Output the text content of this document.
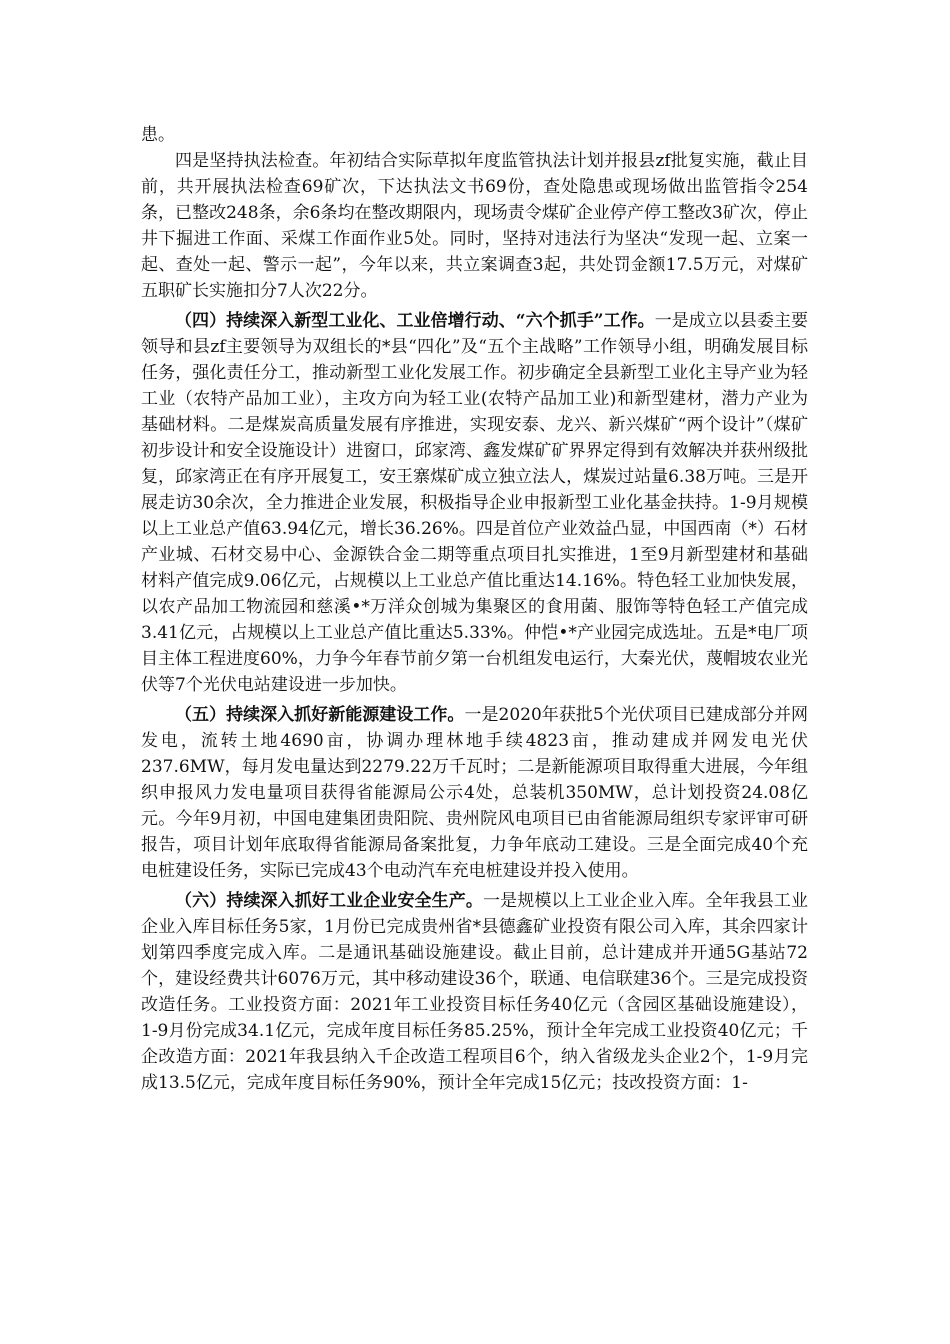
患。

四是坚持执法检查。年初结合实际草拟年度监管执法计划并报县zf批复实施，截止目前，共开展执法检查69矿次，下达执法文书69份，查处隐患或现场做出监管指令254条，已整改248条，余6条均在整改期限内，现场责令煤矿企业停产停工整改3矿次，停止井下掘进工作面、采煤工作面作业5处。同时，坚持对违法行为坚决“发现一起、立案一起、查处一起、警示一起”，今年以来，共立案调查3起，共处罚金额17.5万元，对煤矿五职矿长实施扣分7人次22分。

（四）持续深入新型工业化、工业倍增行动、“六个抓手”工作。一是成立以县委主要领导和县zf主要领导为双组长的*县“四化”及“五个主战略”工作领导小组，明确发展目标任务，强化责任分工，推动新型工业化发展工作。初步确定全县新型工业化主导产业为轻工业（农特产品加工业），主攻方向为轻工业(农特产品加工业)和新型建材，潜力产业为基础材料。二是煤炭高质量发展有序推进，实现安泰、龙兴、新兴煤矿“两个设计”（煤矿初步设计和安全设施设计）进窗口，邱家湾、鑫发煤矿矿界界定得到有效解决并获州级批复，邱家湾正在有序开展复工，安王寨煤矿成立独立法人，煤炭过站量6.38万吨。三是开展走访30余次，全力推进企业发展，积极指导企业申报新型工业化基金扶持。1-9月规模以上工业总产值63.94亿元，增长36.26%。四是首位产业效益凸显，中国西南（*）石材产业城、石材交易中心、金源铁合金二期等重点项目扎实推进，1至9月新型建材和基础材料产值完成9.06亿元，占规模以上工业总产值比重达14.16%。特色轻工业加快发展，以农产品加工物流园和慈溪•*万洋众创城为集聚区的食用菌、服饰等特色轻工产值完成3.41亿元，占规模以上工业总产值比重达5.33%。仲恺•*产业园完成选址。五是*电厂项目主体工程进度60%，力争今年春节前夕第一台机组发电运行，大秦光伏，蔑帽坡农业光伏等7个光伏电站建设进一步加快。

（五）持续深入抓好新能源建设工作。一是2020年获批5个光伏项目已建成部分并网发电，流转土地4690亩，协调办理林地手续4823亩，推动建成并网发电光伏237.6MW，每月发电量达到2279.22万千瓦时；二是新能源项目取得重大进展，今年组织申报风力发电量项目获得省能源局公示4处，总装机350MW，总计划投资24.08亿元。今年9月初，中国电建集团贵阳院、贵州院风电项目已由省能源局组织专家评审可研报告，项目计划年底取得省能源局备案批复，力争年底动工建设。三是全面完成40个充电桩建设任务，实际已完成43个电动汽车充电桩建设并投入使用。

（六）持续深入抓好工业企业安全生产。一是规模以上工业企业入库。全年我县工业企业入库目标任务5家，1月份已完成贵州省*县德鑫矿业投资有限公司入库，其余四家计划第四季度完成入库。二是通讯基础设施建设。截止目前，总计建成并开通5G基站72个，建设经费共计6076万元，其中移动建设36个，联通、电信联建36个。三是完成投资改造任务。工业投资方面：2021年工业投资目标任务40亿元（含园区基础设施建设），1-9月份完成34.1亿元，完成年度目标任务85.25%，预计全年完成工业投资40亿元；千企改造方面：2021年我县纳入千企改造工程项目6个，纳入省级龙头企业2个，1-9月完成13.5亿元，完成年度目标任务90%，预计全年完成15亿元；技改投资方面：1-
